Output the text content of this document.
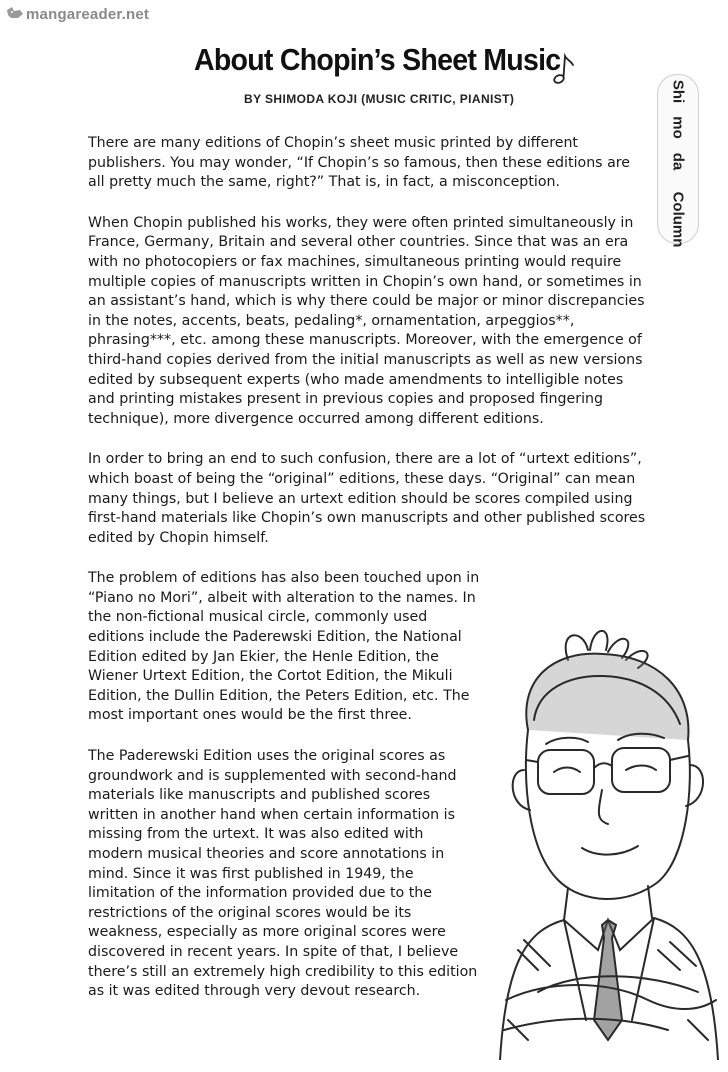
mangareader.net
About Chopin’s Sheet Music
BY SHIMODA KOJI (MUSIC CRITIC, PIANIST)	Shi
mo
da
Column

There are many editions of Chopin’s sheet music printed by different publishers. You may wonder, “If Chopin’s so famous, then these editions are all pretty much the same, right?” That is, in fact, a misconception.

When Chopin published his works, they were often printed simultaneously in France, Germany, Britain and several other countries. Since that was an era with no photocopiers or fax machines, simultaneous printing would require multiple copies of manuscripts written in Chopin’s own hand, or sometimes in an assistant’s hand, which is why there could be major or minor discrepancies in the notes, accents, beats, pedaling*, ornamentation, arpeggios**, phrasing***, etc. among these manuscripts. Moreover, with the emergence of third-hand copies derived from the initial manuscripts as well as new versions edited by subsequent experts (who made amendments to intelligible notes and printing mistakes present in previous copies and proposed fingering technique), more divergence occurred among different editions.

In order to bring an end to such confusion, there are a lot of “urtext editions”, which boast of being the “original” editions, these days. “Original” can mean many things, but I believe an urtext edition should be scores compiled using first-hand materials like Chopin’s own manuscripts and other published scores edited by Chopin himself.

The problem of editions has also been touched upon in “Piano no Mori”, albeit with alteration to the names. In the non-fictional musical circle, commonly used editions include the Paderewski Edition, the National Edition edited by Jan Ekier, the Henle Edition, the Wiener Urtext Edition, the Cortot Edition, the Mikuli Edition, the Dullin Edition, the Peters Edition, etc. The most important ones would be the first three.

The Paderewski Edition uses the original scores as groundwork and is supplemented with second-hand materials like manuscripts and published scores written in another hand when certain information is missing from the urtext. It was also edited with modern musical theories and score annotations in mind. Since it was first published in 1949, the limitation of the information provided due to the restrictions of the original scores would be its weakness, especially as more original scores were discovered in recent years. In spite of that, I believe there’s still an extremely high credibility to this edition as it was edited through very devout research.
